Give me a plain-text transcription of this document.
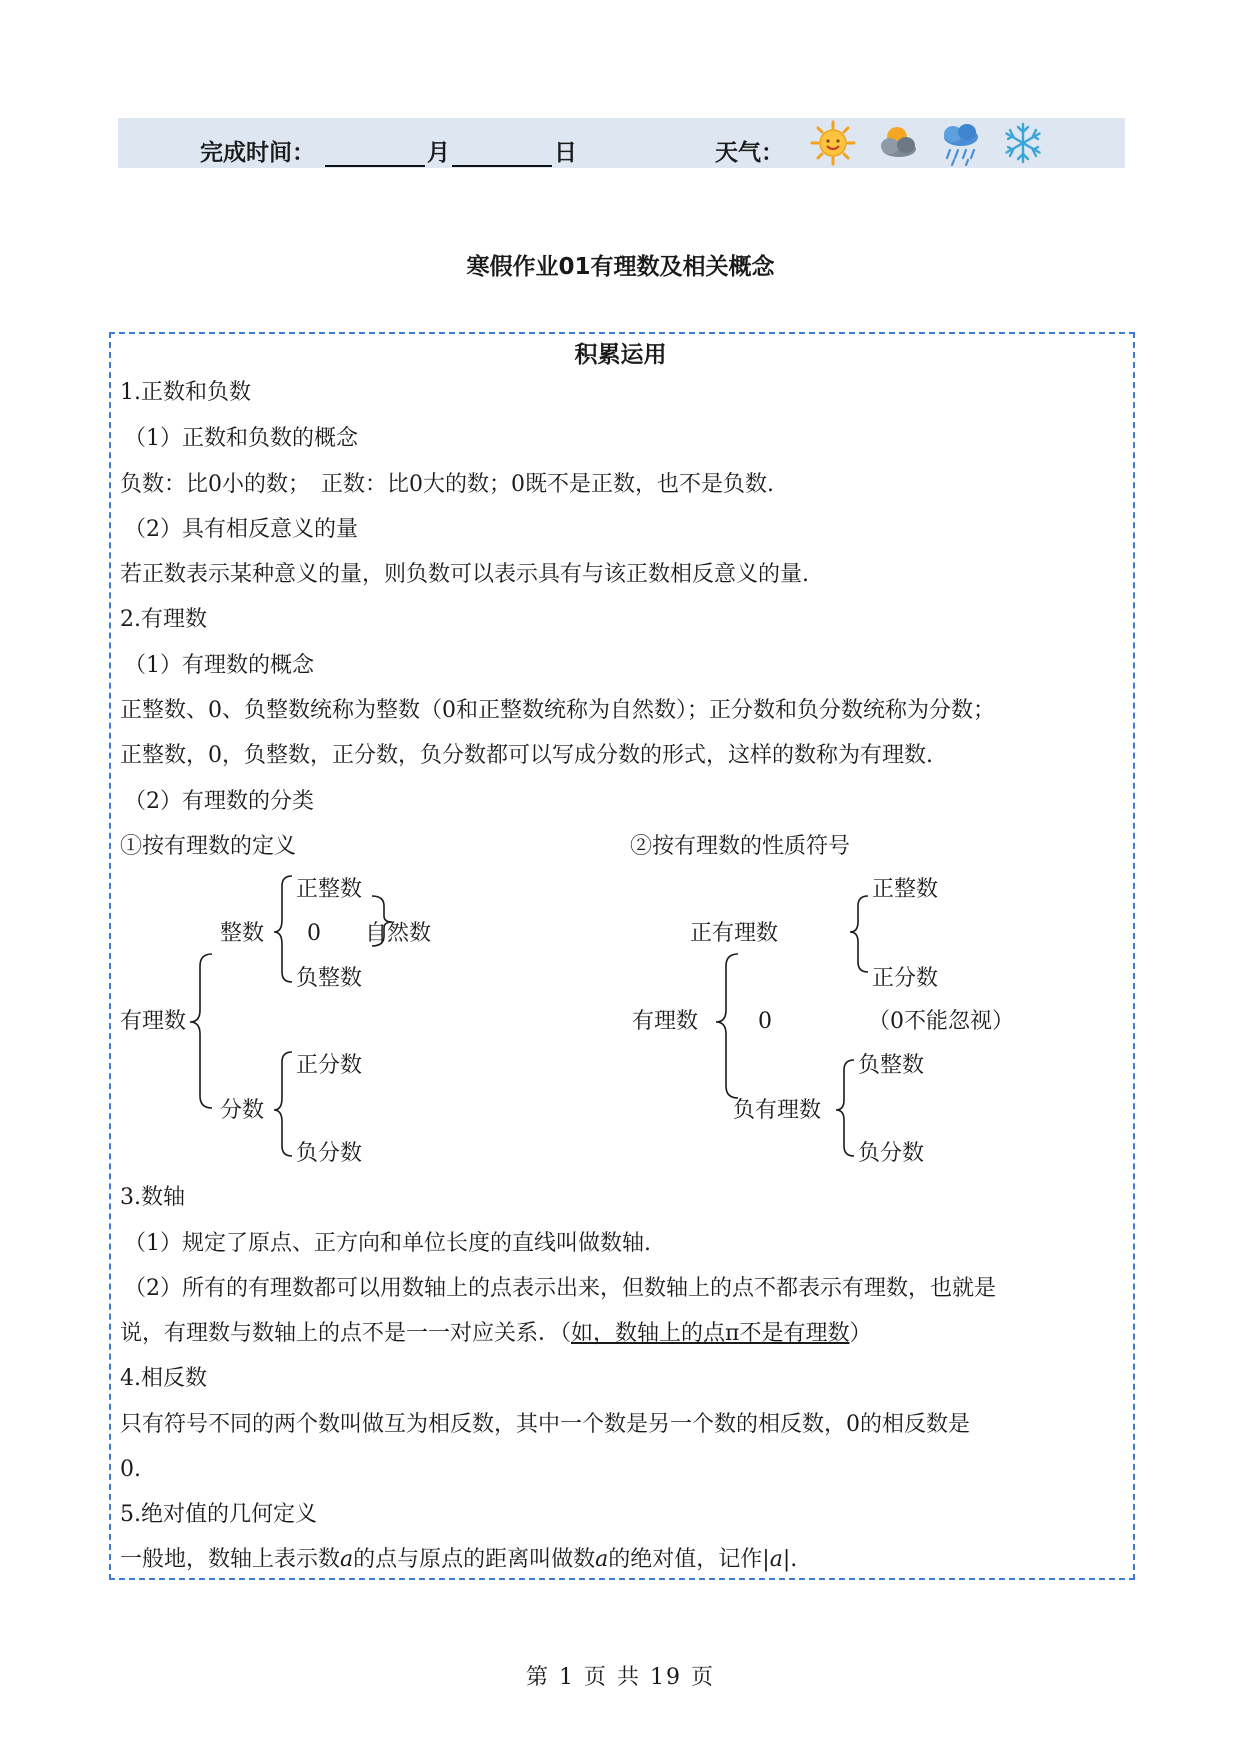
完成时间：	月	日	天气：
寒假作业01有理数及相关概念
积累运用
1.正数和负数
（1）正数和负数的概念
负数：比0小的数；　正数：比0大的数；0既不是正数，也不是负数.
（2）具有相反意义的量
若正数表示某种意义的量，则负数可以表示具有与该正数相反意义的量.
2.有理数
（1）有理数的概念
正整数、0、负整数统称为整数（0和正整数统称为自然数）；正分数和负分数统称为分数；
正整数，0，负整数，正分数，负分数都可以写成分数的形式，这样的数称为有理数.
（2）有理数的分类
①按有理数的定义	②按有理数的性质符号
正整数
整数 0 自然数
负整数
有理数
正分数
分数
负分数
正整数
正有理数
正分数
有理数	0	（0不能忽视）
负整数
负有理数
负分数
3.数轴
（1）规定了原点、正方向和单位长度的直线叫做数轴.
（2）所有的有理数都可以用数轴上的点表示出来，但数轴上的点不都表示有理数，也就是
说，有理数与数轴上的点不是一一对应关系．（如，数轴上的点π不是有理数）
4.相反数
只有符号不同的两个数叫做互为相反数，其中一个数是另一个数的相反数，0的相反数是
0.
5.绝对值的几何定义
一般地，数轴上表示数a的点与原点的距离叫做数a的绝对值，记作|a|.
第 1 页 共 19 页
